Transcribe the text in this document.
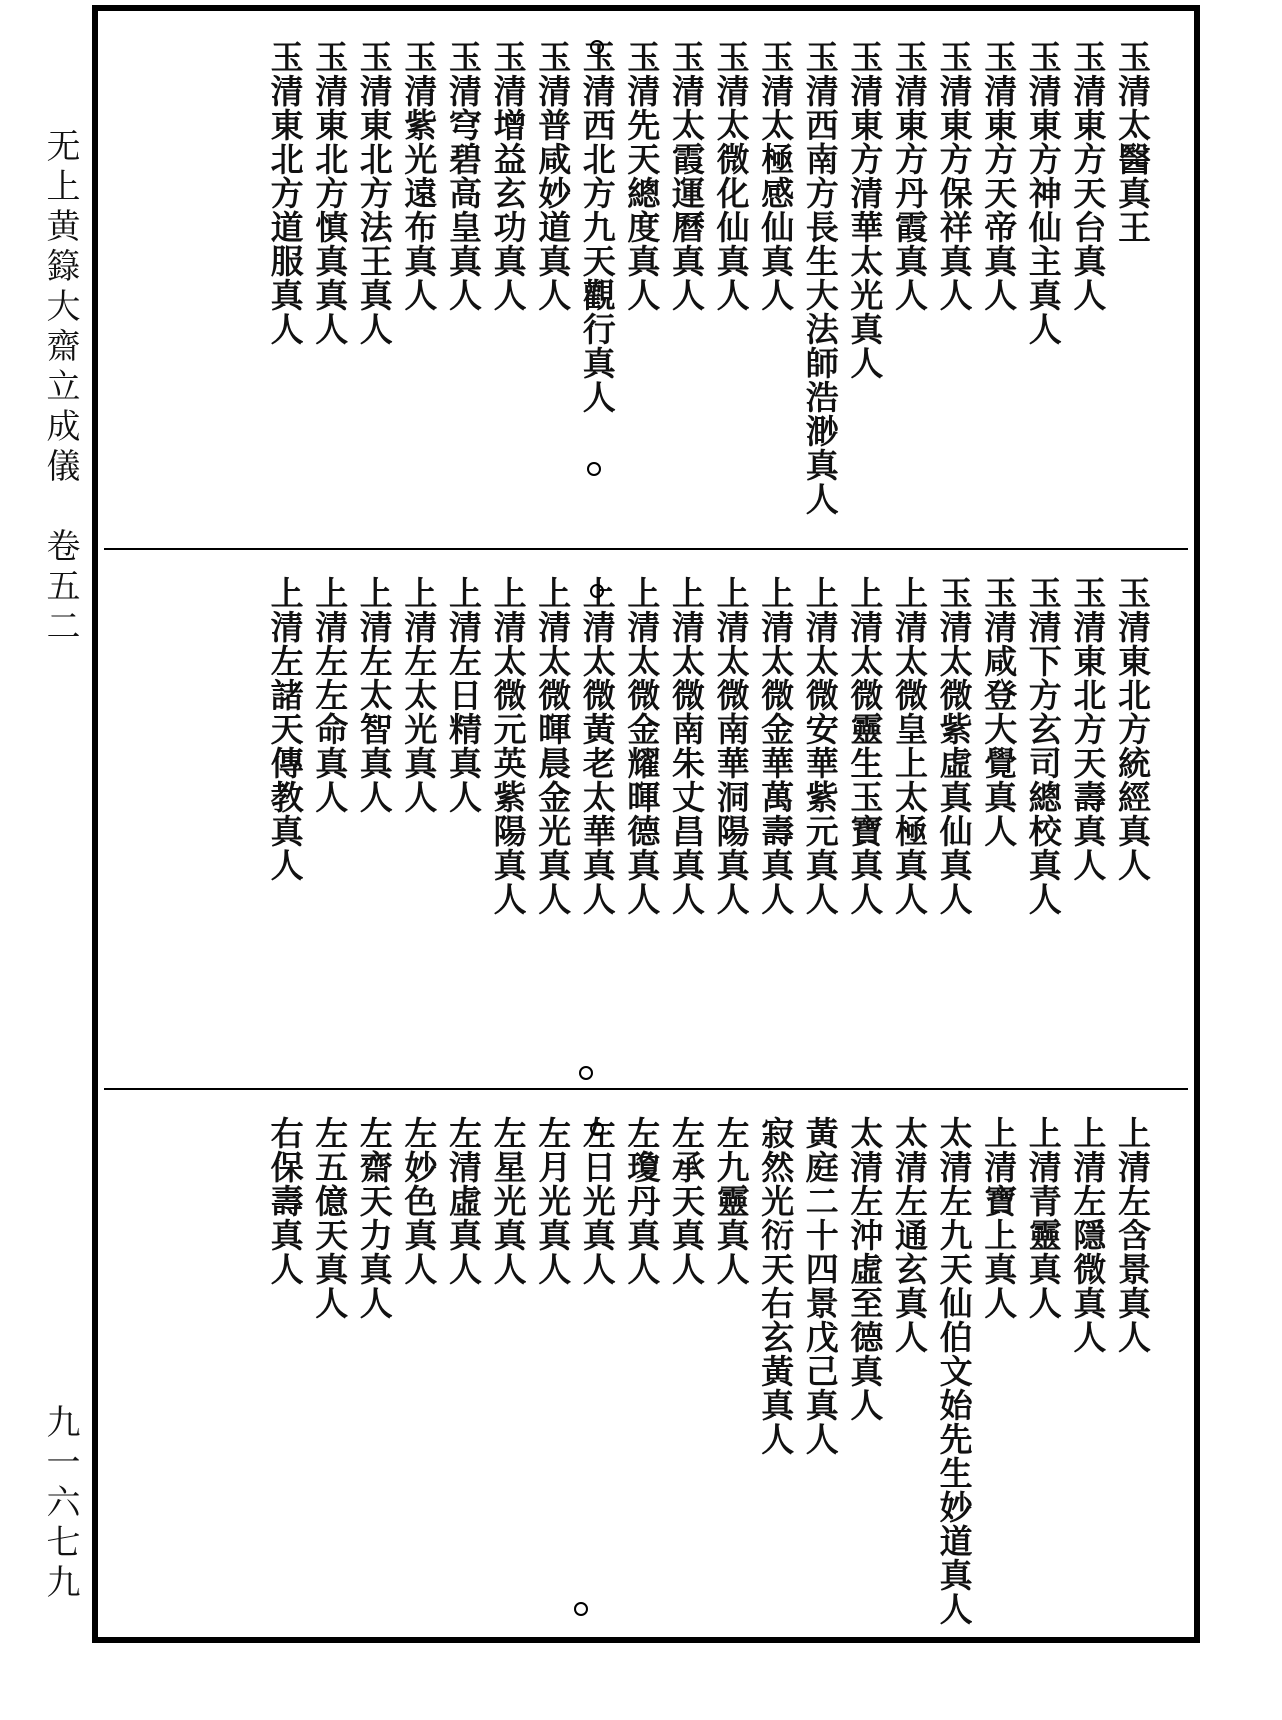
无上黄籙大齋立成儀　卷五二
九一六七九
玉清太醫真王
玉清東方天台真人
玉清東方神仙主真人
玉清東方天帝真人
玉清東方保祥真人
玉清東方丹霞真人
玉清東方清華太光真人
玉清西南方長生大法師浩渺真人
玉清太極感仙真人
玉清太微化仙真人
玉清太霞運曆真人
玉清先天總度真人
玉清西北方九天觀行真人
玉清普咸妙道真人
玉清增益玄功真人
玉清穹碧高皇真人
玉清紫光遠布真人
玉清東北方法王真人
玉清東北方慎真真人
玉清東北方道服真人
玉清東北方統經真人
玉清東北方天壽真人
玉清下方玄司總校真人
玉清咸登大覺真人
玉清太微紫虛真仙真人
上清太微皇上太極真人
上清太微靈生玉寶真人
上清太微安華紫元真人
上清太微金華萬壽真人
上清太微南華洞陽真人
上清太微南朱丈昌真人
上清太微金耀暉德真人
上清太微黃老太華真人
上清太微暉晨金光真人
上清太微元英紫陽真人
上清左日精真人
上清左太光真人
上清左太智真人
上清左左命真人
上清左諸天傳教真人
上清左含景真人
上清左隱微真人
上清青靈真人
上清寶上真人
太清左九天仙伯文始先生妙道真人
太清左通玄真人
太清左沖虛至德真人
黃庭二十四景戊己真人
寂然光衍天右玄黃真人
左九靈真人
左承天真人
左瓊丹真人
左日光真人
左月光真人
左星光真人
左清虛真人
左妙色真人
左齋天力真人
左五億天真人
右保壽真人
